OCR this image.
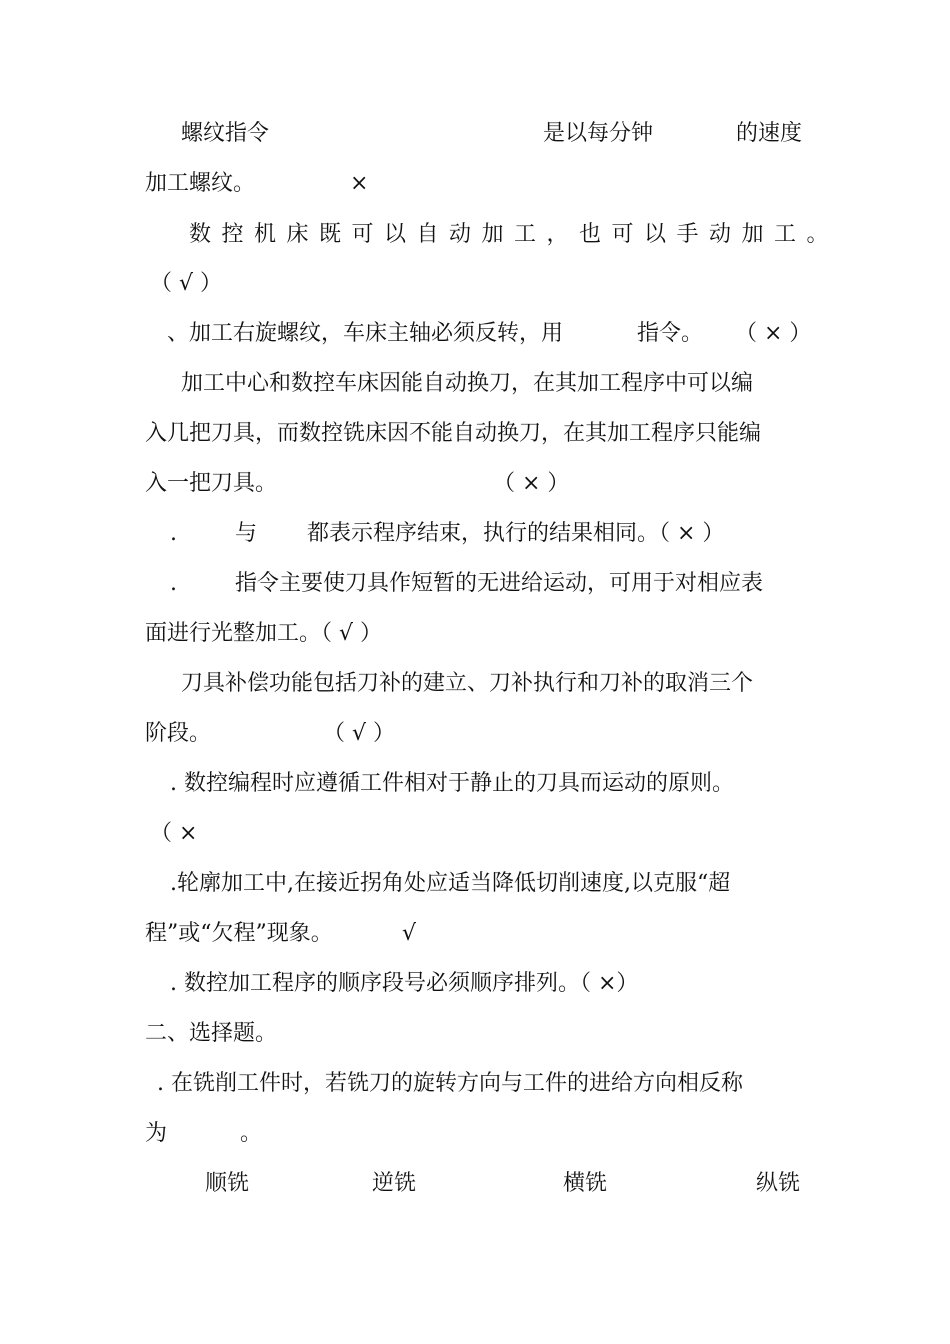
螺纹指令	是以每分钟	的速度
加工螺纹。	×
数控机床既可以自动加工，也可以手动加工。
（ √ ）
、加工右旋螺纹，车床主轴必须反转，用	指令。 （ × ）
加工中心和数控车床因能自动换刀，在其加工程序中可以编
入几把刀具，而数控铣床因不能自动换刀，在其加工程序只能编
入一把刀具。	（ × ）
.	与 都表示程序结束，执行的结果相同。（ × ）
.	指令主要使刀具作短暂的无进给运动，可用于对相应表
面进行光整加工。（ √ ）
刀具补偿功能包括刀补的建立、刀补执行和刀补的取消三个
阶段。	（ √ ）
. 数控编程时应遵循工件相对于静止的刀具而运动的原则。
（ ×
.轮廓加工中,在接近拐角处应适当降低切削速度,以克服“超
程”或“欠程”现象。	√
. 数控加工程序的顺序段号必须顺序排列。（ ×）
二、选择题。
. 在铣削工件时，若铣刀的旋转方向与工件的进给方向相反称
为	。
顺铣	逆铣	横铣	纵铣
